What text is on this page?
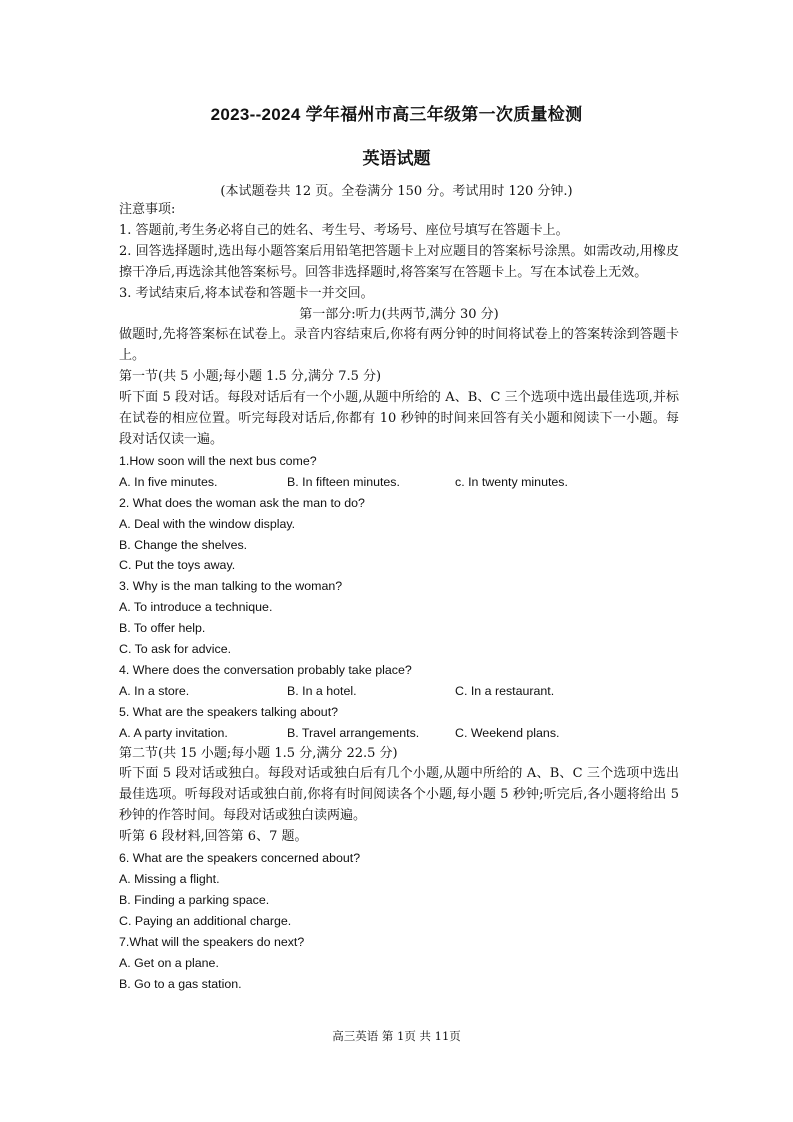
2023--2024 学年福州市高三年级第一次质量检测
英语试题
(本试题卷共 12 页。全卷满分 150 分。考试用时 120 分钟.)
注意事项:
1. 答题前,考生务必将自己的姓名、考生号、考场号、座位号填写在答题卡上。
2. 回答选择题时,选出每小题答案后用铅笔把答题卡上对应题目的答案标号涂黑。如需改动,用橡皮擦干净后,再选涂其他答案标号。回答非选择题时,将答案写在答题卡上。写在本试卷上无效。
3. 考试结束后,将本试卷和答题卡一并交回。
第一部分:听力(共两节,满分 30 分)
做题时,先将答案标在试卷上。录音内容结束后,你将有两分钟的时间将试卷上的答案转涂到答题卡上。
第一节(共 5 小题;每小题 1.5 分,满分 7.5 分)
听下面 5 段对话。每段对话后有一个小题,从题中所给的 A、B、C 三个选项中选出最佳选项,并标在试卷的相应位置。听完每段对话后,你都有 10 秒钟的时间来回答有关小题和阅读下一小题。每段对话仅读一遍。
1.How soon will the next bus come?
A. In five minutes.	B. In fifteen minutes.	c. In twenty minutes.
2. What does the woman ask the man to do?
A. Deal with the window display.
B. Change the shelves.
C. Put the toys away.
3. Why is the man talking to the woman?
A. To introduce a technique.
B. To offer help.
C. To ask for advice.
4. Where does the conversation probably take place?
A. In a store.	B. In a hotel.	C. In a restaurant.
5. What are the speakers talking about?
A. A party invitation.	B. Travel arrangements.	C. Weekend plans.
第二节(共 15 小题;每小题 1.5 分,满分 22.5 分)
听下面 5 段对话或独白。每段对话或独白后有几个小题,从题中所给的 A、B、C 三个选项中选出最佳选项。听每段对话或独白前,你将有时间阅读各个小题,每小题 5 秒钟;听完后,各小题将给出 5 秒钟的作答时间。每段对话或独白读两遍。
听第 6 段材料,回答第 6、7 题。
6. What are the speakers concerned about?
A. Missing a flight.
B. Finding a parking space.
C. Paying an additional charge.
7.What will the speakers do next?
A. Get on a plane.
B. Go to a gas station.
高三英语 第 1页 共 11页
